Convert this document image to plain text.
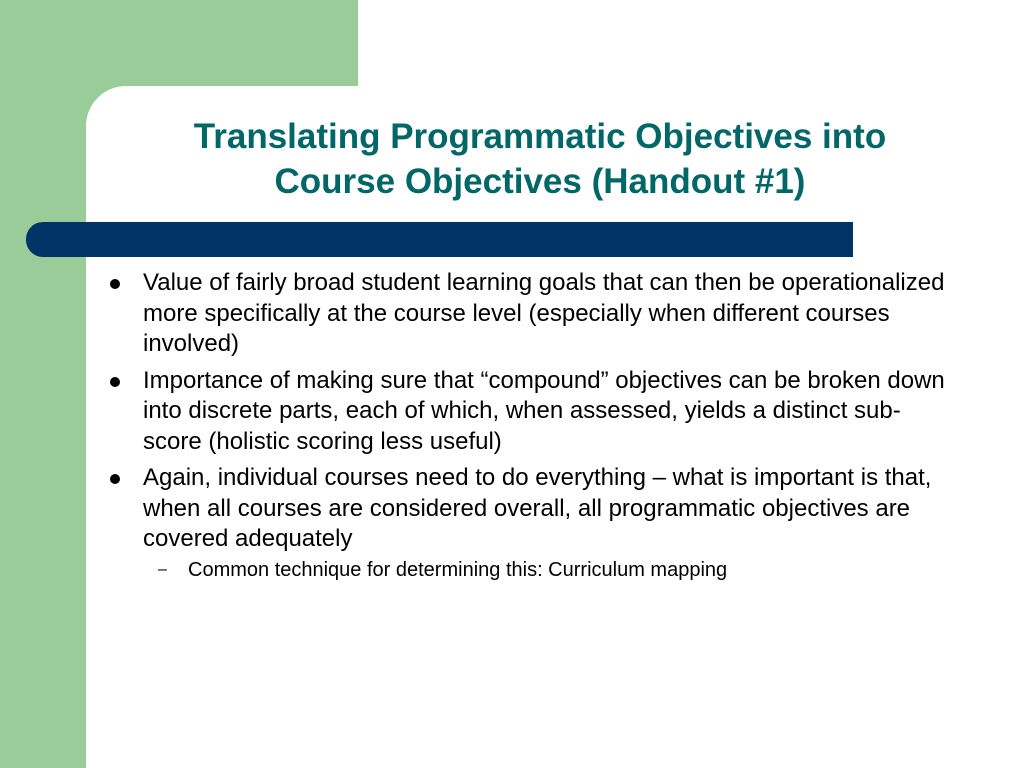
Translating Programmatic Objectives into
Course Objectives (Handout #1)
Value of fairly broad student learning goals that can then be operationalized more specifically at the course level (especially when different courses involved)
Importance of making sure that “compound” objectives can be broken down into discrete parts, each of which, when assessed, yields a distinct sub-score (holistic scoring less useful)
Again, individual courses need to do everything – what is important is that, when all courses are considered overall, all programmatic objectives are covered adequately
– Common technique for determining this: Curriculum mapping
